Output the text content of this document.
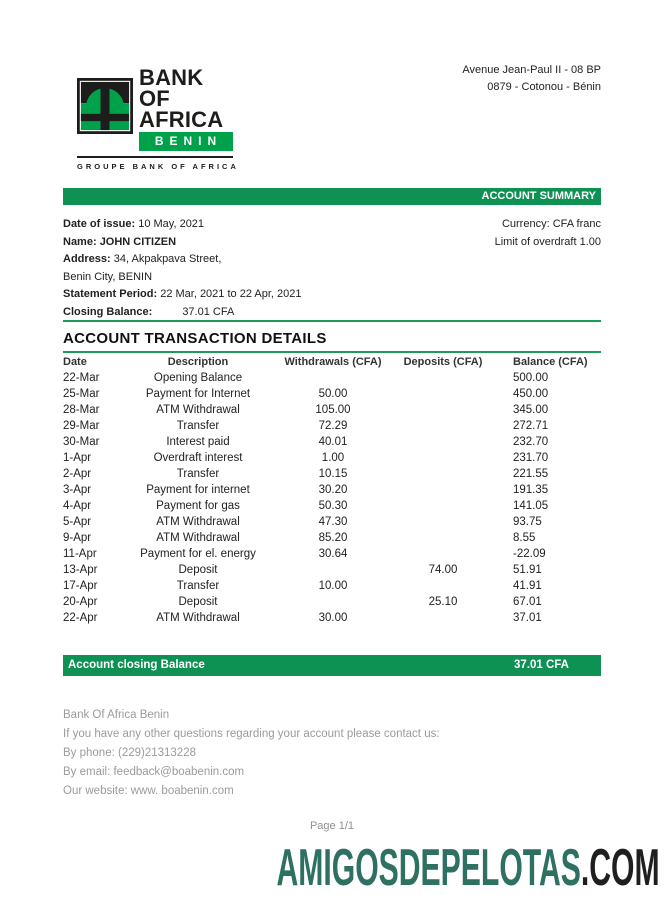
BANK
OF
AFRICA
BENIN
GROUPE BANK OF AFRICA
Avenue Jean-Paul II - 08 BP
0879 - Cotonou - Bénin
ACCOUNT SUMMARY
Date of issue: 10 May, 2021
Name: JOHN CITIZEN
Address: 34, Akpakpava Street,
Benin City, BENIN
Statement Period: 22 Mar, 2021 to 22 Apr, 2021
Closing Balance:	37.01 CFA
Currency: CFA franc
Limit of overdraft 1.00
ACCOUNT TRANSACTION DETAILS
Date	Description	Withdrawals (CFA)	Deposits (CFA)	Balance (CFA)
22-Mar	Opening Balance			500.00
25-Mar	Payment for Internet	50.00		450.00
28-Mar	ATM Withdrawal	105.00		345.00
29-Mar	Transfer	72.29		272.71
30-Mar	Interest paid	40.01		232.70
1-Apr	Overdraft interest	1.00		231.70
2-Apr	Transfer	10.15		221.55
3-Apr	Payment for internet	30.20		191.35
4-Apr	Payment for gas	50.30		141.05
5-Apr	ATM Withdrawal	47.30		93.75
9-Apr	ATM Withdrawal	85.20		8.55
11-Apr	Payment for el. energy	30.64		-22.09
13-Apr	Deposit		74.00	51.91
17-Apr	Transfer	10.00		41.91
20-Apr	Deposit		25.10	67.01
22-Apr	ATM Withdrawal	30.00		37.01
Account closing Balance	37.01 CFA
Bank Of Africa Benin
If you have any other questions regarding your account please contact us:
By phone: (229)21313228
By email: feedback@boabenin.com
Our website: www. boabenin.com
Page 1/1
AMIGOSDEPELOTAS.COM
